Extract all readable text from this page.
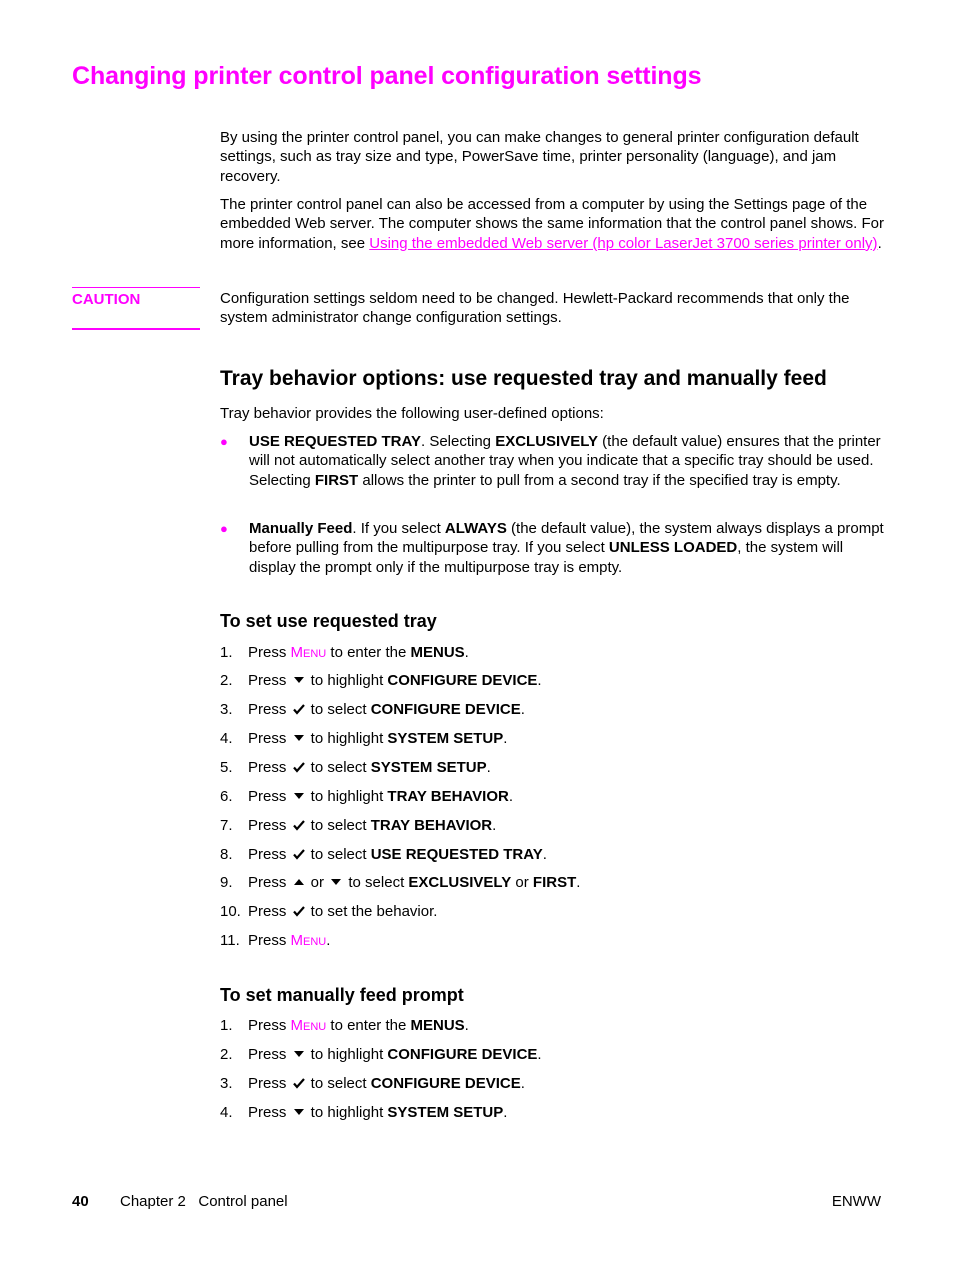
Changing printer control panel configuration settings

By using the printer control panel, you can make changes to general printer configuration default settings, such as tray size and type, PowerSave time, printer personality (language), and jam recovery.

The printer control panel can also be accessed from a computer by using the Settings page of the embedded Web server. The computer shows the same information that the control panel shows. For more information, see Using the embedded Web server (hp color LaserJet 3700 series printer only).

CAUTION	Configuration settings seldom need to be changed. Hewlett-Packard recommends that only the system administrator change configuration settings.

Tray behavior options: use requested tray and manually feed

Tray behavior provides the following user-defined options:

● USE REQUESTED TRAY. Selecting EXCLUSIVELY (the default value) ensures that the printer will not automatically select another tray when you indicate that a specific tray should be used. Selecting FIRST allows the printer to pull from a second tray if the specified tray is empty.

● Manually Feed. If you select ALWAYS (the default value), the system always displays a prompt before pulling from the multipurpose tray. If you select UNLESS LOADED, the system will display the prompt only if the multipurpose tray is empty.

To set use requested tray
1. Press MENU to enter the MENUS.
2. Press  to highlight CONFIGURE DEVICE.
3. Press  to select CONFIGURE DEVICE.
4. Press  to highlight SYSTEM SETUP.
5. Press  to select SYSTEM SETUP.
6. Press  to highlight TRAY BEHAVIOR.
7. Press  to select TRAY BEHAVIOR.
8. Press  to select USE REQUESTED TRAY.
9. Press  or  to select EXCLUSIVELY or FIRST.
10. Press  to set the behavior.
11. Press MENU.
To set manually feed prompt
1. Press MENU to enter the MENUS.
2. Press  to highlight CONFIGURE DEVICE.
3. Press  to select CONFIGURE DEVICE.
4. Press  to highlight SYSTEM SETUP.
40 Chapter 2   Control panel	ENWW
